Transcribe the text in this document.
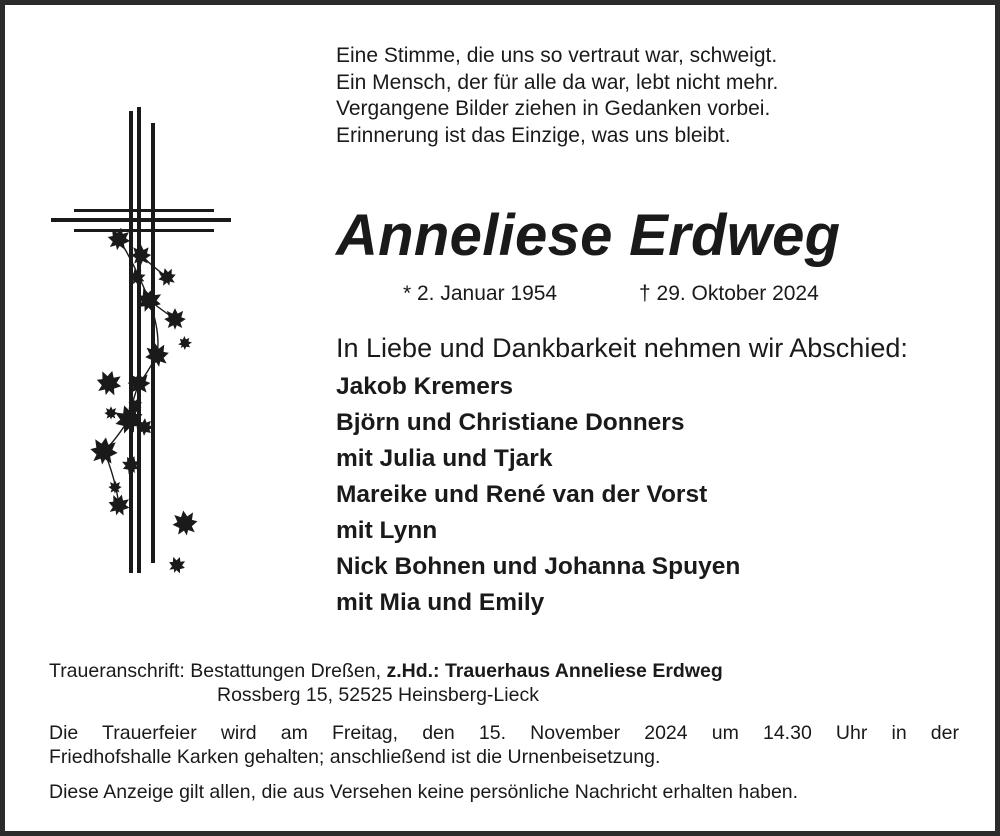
Eine Stimme, die uns so vertraut war, schweigt.
Ein Mensch, der für alle da war, lebt nicht mehr.
Vergangene Bilder ziehen in Gedanken vorbei.
Erinnerung ist das Einzige, was uns bleibt.
Anneliese Erdweg
* 2. Januar 1954	† 29. Oktober 2024
In Liebe und Dankbarkeit nehmen wir Abschied:
Jakob Kremers
Björn und Christiane Donners
mit Julia und Tjark
Mareike und René van der Vorst
mit Lynn
Nick Bohnen und Johanna Spuyen
mit Mia und Emily
Traueranschrift: Bestattungen Dreßen, z.Hd.: Trauerhaus Anneliese Erdweg
Rossberg 15, 52525 Heinsberg-Lieck
Die Trauerfeier wird am Freitag, den 15. November 2024 um 14.30 Uhr in der
Friedhofshalle Karken gehalten; anschließend ist die Urnenbeisetzung.
Diese Anzeige gilt allen, die aus Versehen keine persönliche Nachricht erhalten haben.
